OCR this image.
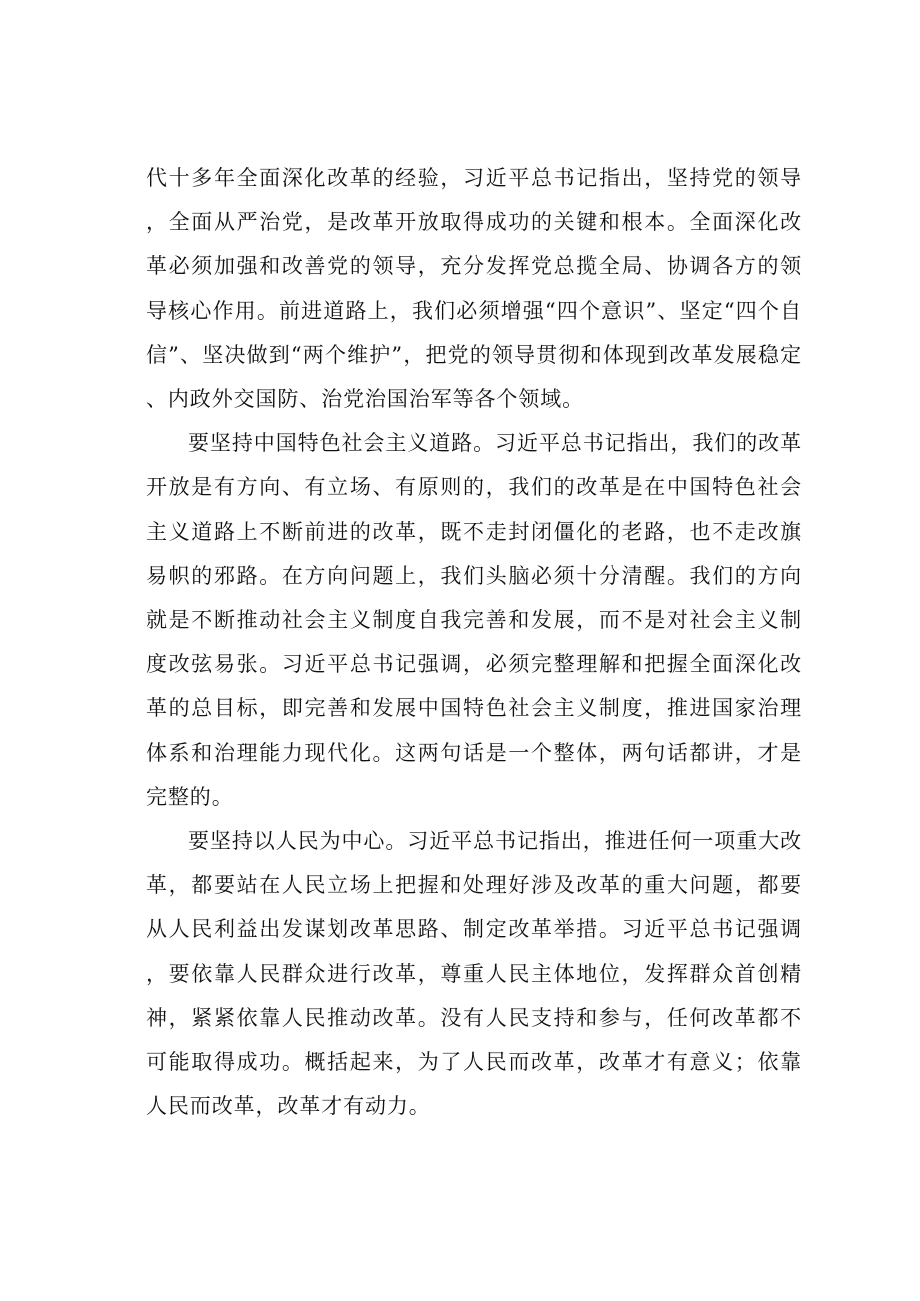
代十多年全面深化改革的经验，习近平总书记指出，坚持党的领导，全面从严治党，是改革开放取得成功的关键和根本。全面深化改革必须加强和改善党的领导，充分发挥党总揽全局、协调各方的领导核心作用。前进道路上，我们必须增强“四个意识”、坚定“四个自信”、坚决做到“两个维护”，把党的领导贯彻和体现到改革发展稳定、内政外交国防、治党治国治军等各个领域。

要坚持中国特色社会主义道路。习近平总书记指出，我们的改革开放是有方向、有立场、有原则的，我们的改革是在中国特色社会主义道路上不断前进的改革，既不走封闭僵化的老路，也不走改旗易帜的邪路。在方向问题上，我们头脑必须十分清醒。我们的方向就是不断推动社会主义制度自我完善和发展，而不是对社会主义制度改弦易张。习近平总书记强调，必须完整理解和把握全面深化改革的总目标，即完善和发展中国特色社会主义制度，推进国家治理体系和治理能力现代化。这两句话是一个整体，两句话都讲，才是完整的。

要坚持以人民为中心。习近平总书记指出，推进任何一项重大改革，都要站在人民立场上把握和处理好涉及改革的重大问题，都要从人民利益出发谋划改革思路、制定改革举措。习近平总书记强调，要依靠人民群众进行改革，尊重人民主体地位，发挥群众首创精神，紧紧依靠人民推动改革。没有人民支持和参与，任何改革都不可能取得成功。概括起来，为了人民而改革，改革才有意义；依靠人民而改革，改革才有动力。
